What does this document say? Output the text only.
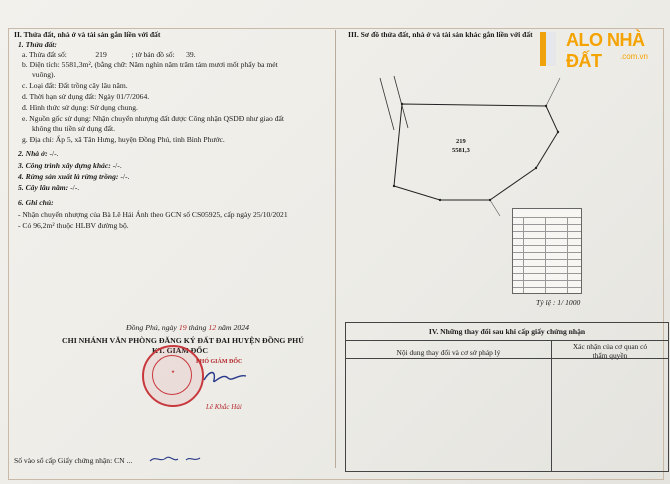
II. Thửa đất, nhà ở và tài sản gắn liền với đất
1. Thửa đất:
a. Thửa đất số:	219	; tờ bản đồ số: 39.
b. Diện tích: 5581,3m², (bằng chữ: Năm nghìn năm trăm tám mươi mốt phẩy ba mét
vuông).
c. Loại đất: Đất trồng cây lâu năm.
d. Thời hạn sử dụng đất: Ngày 01/7/2064.
đ. Hình thức sử dụng: Sử dụng chung.
e. Nguồn gốc sử dụng: Nhận chuyển nhượng đất được Công nhận QSDĐ như giao đất
không thu tiền sử dụng đất.
g. Địa chỉ: Ấp 5, xã Tân Hưng, huyện Đồng Phú, tỉnh Bình Phước.
2. Nhà ở: -/-.
3. Công trình xây dựng khác: -/-.
4. Rừng sản xuất là rừng trồng: -/-.
5. Cây lâu năm: -/-.
6. Ghi chú:
- Nhận chuyển nhượng của Bà Lê Hải Ánh theo GCN số CS05925, cấp ngày 25/10/2021
- Có 96,2m² thuộc HLBV đường bộ.
Đồng Phú, ngày 19 tháng 12 năm 2024
CHI NHÁNH VĂN PHÒNG ĐĂNG KÝ ĐẤT ĐAI HUYỆN ĐỒNG PHÚ
KT. GIÁM ĐỐC
★
PHÓ GIÁM ĐỐC
Lê Khắc Hải
Số vào sổ cấp Giấy chứng nhận: CN ...
III. Sơ đồ thửa đất, nhà ở và tài sản khác gắn liền với đất ALO NHÀ ĐẤT	.com.vn
219
5581,3
Tỷ lệ : 1/ 1000
IV. Những thay đổi sau khi cấp giấy chứng nhận
Nội dung thay đổi và cơ sở pháp lý
Xác nhận của cơ quan có
thẩm quyền
